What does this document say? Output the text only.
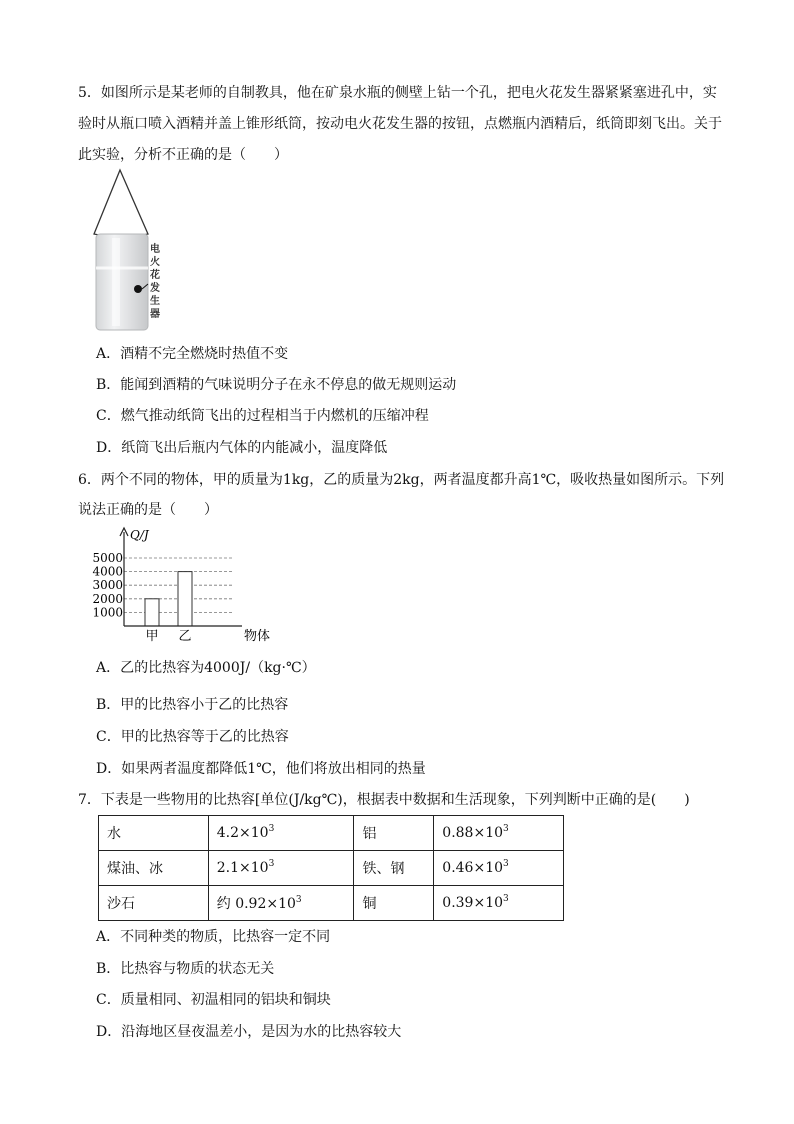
5．如图所示是某老师的自制教具，他在矿泉水瓶的侧壁上钻一个孔，把电火花发生器紧紧塞进孔中，实
验时从瓶口喷入酒精并盖上锥形纸筒，按动电火花发生器的按钮，点燃瓶内酒精后，纸筒即刻飞出。关于
此实验，分析不正确的是（　　）
电
火
花
发
生
器
A．酒精不完全燃烧时热值不变
B．能闻到酒精的气味说明分子在永不停息的做无规则运动
C．燃气推动纸筒飞出的过程相当于内燃机的压缩冲程
D．纸筒飞出后瓶内气体的内能减小，温度降低
6．两个不同的物体，甲的质量为1kg，乙的质量为2kg，两者温度都升高1℃，吸收热量如图所示。下列
说法正确的是（　　）
1000
2000
3000
4000
5000
Q/J
物体
甲 乙
A．乙的比热容为4000J/（kg·℃）
B．甲的比热容小于乙的比热容
C．甲的比热容等于乙的比热容
D．如果两者温度都降低1℃，他们将放出相同的热量
7．下表是一些物用的比热容[单位(J/kg℃)，根据表中数据和生活现象，下列判断中正确的是(　　)
水	$4.2\times 10^3$	铝	$0.88\times 10^3$
煤油、冰	$2.1\times 10^3$	铁、钢	$0.46\times 10^3$
沙石	约 $0.92\times 10^3$	铜	$0.39\times 10^3$
A．不同种类的物质，比热容一定不同
B．比热容与物质的状态无关
C．质量相同、初温相同的铝块和铜块
D．沿海地区昼夜温差小，是因为水的比热容较大
